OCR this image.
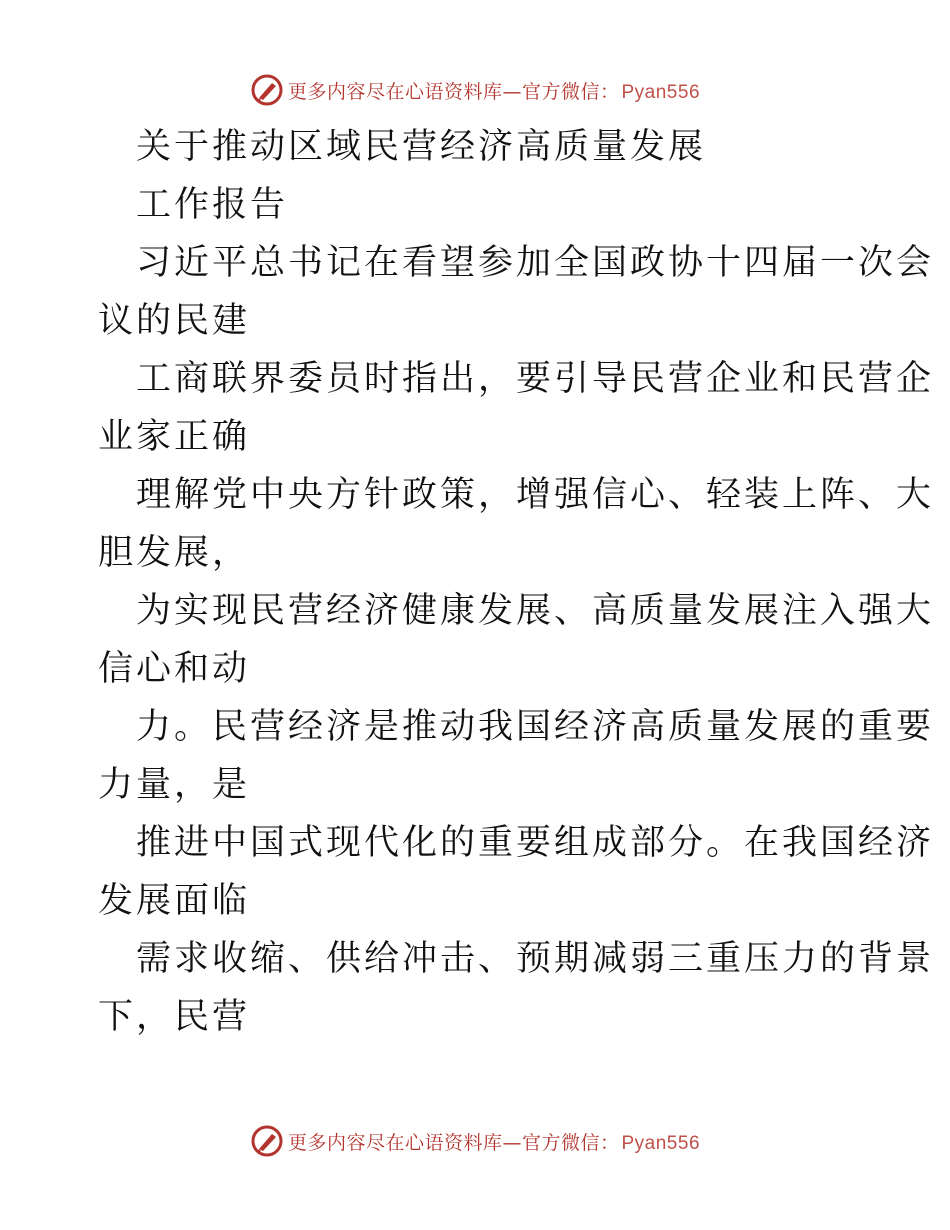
更多内容尽在心语资料库—官方微信： Pyan556
关于推动区域民营经济高质量发展
工作报告
习近平总书记在看望参加全国政协十四届一次会
议的民建
工商联界委员时指出，要引导民营企业和民营企
业家正确
理解党中央方针政策，增强信心、轻装上阵、大
胆发展，
为实现民营经济健康发展、高质量发展注入强大
信心和动
力。民营经济是推动我国经济高质量发展的重要
力量，是
推进中国式现代化的重要组成部分。在我国经济
发展面临
需求收缩、供给冲击、预期减弱三重压力的背景
下，民营
更多内容尽在心语资料库—官方微信： Pyan556
